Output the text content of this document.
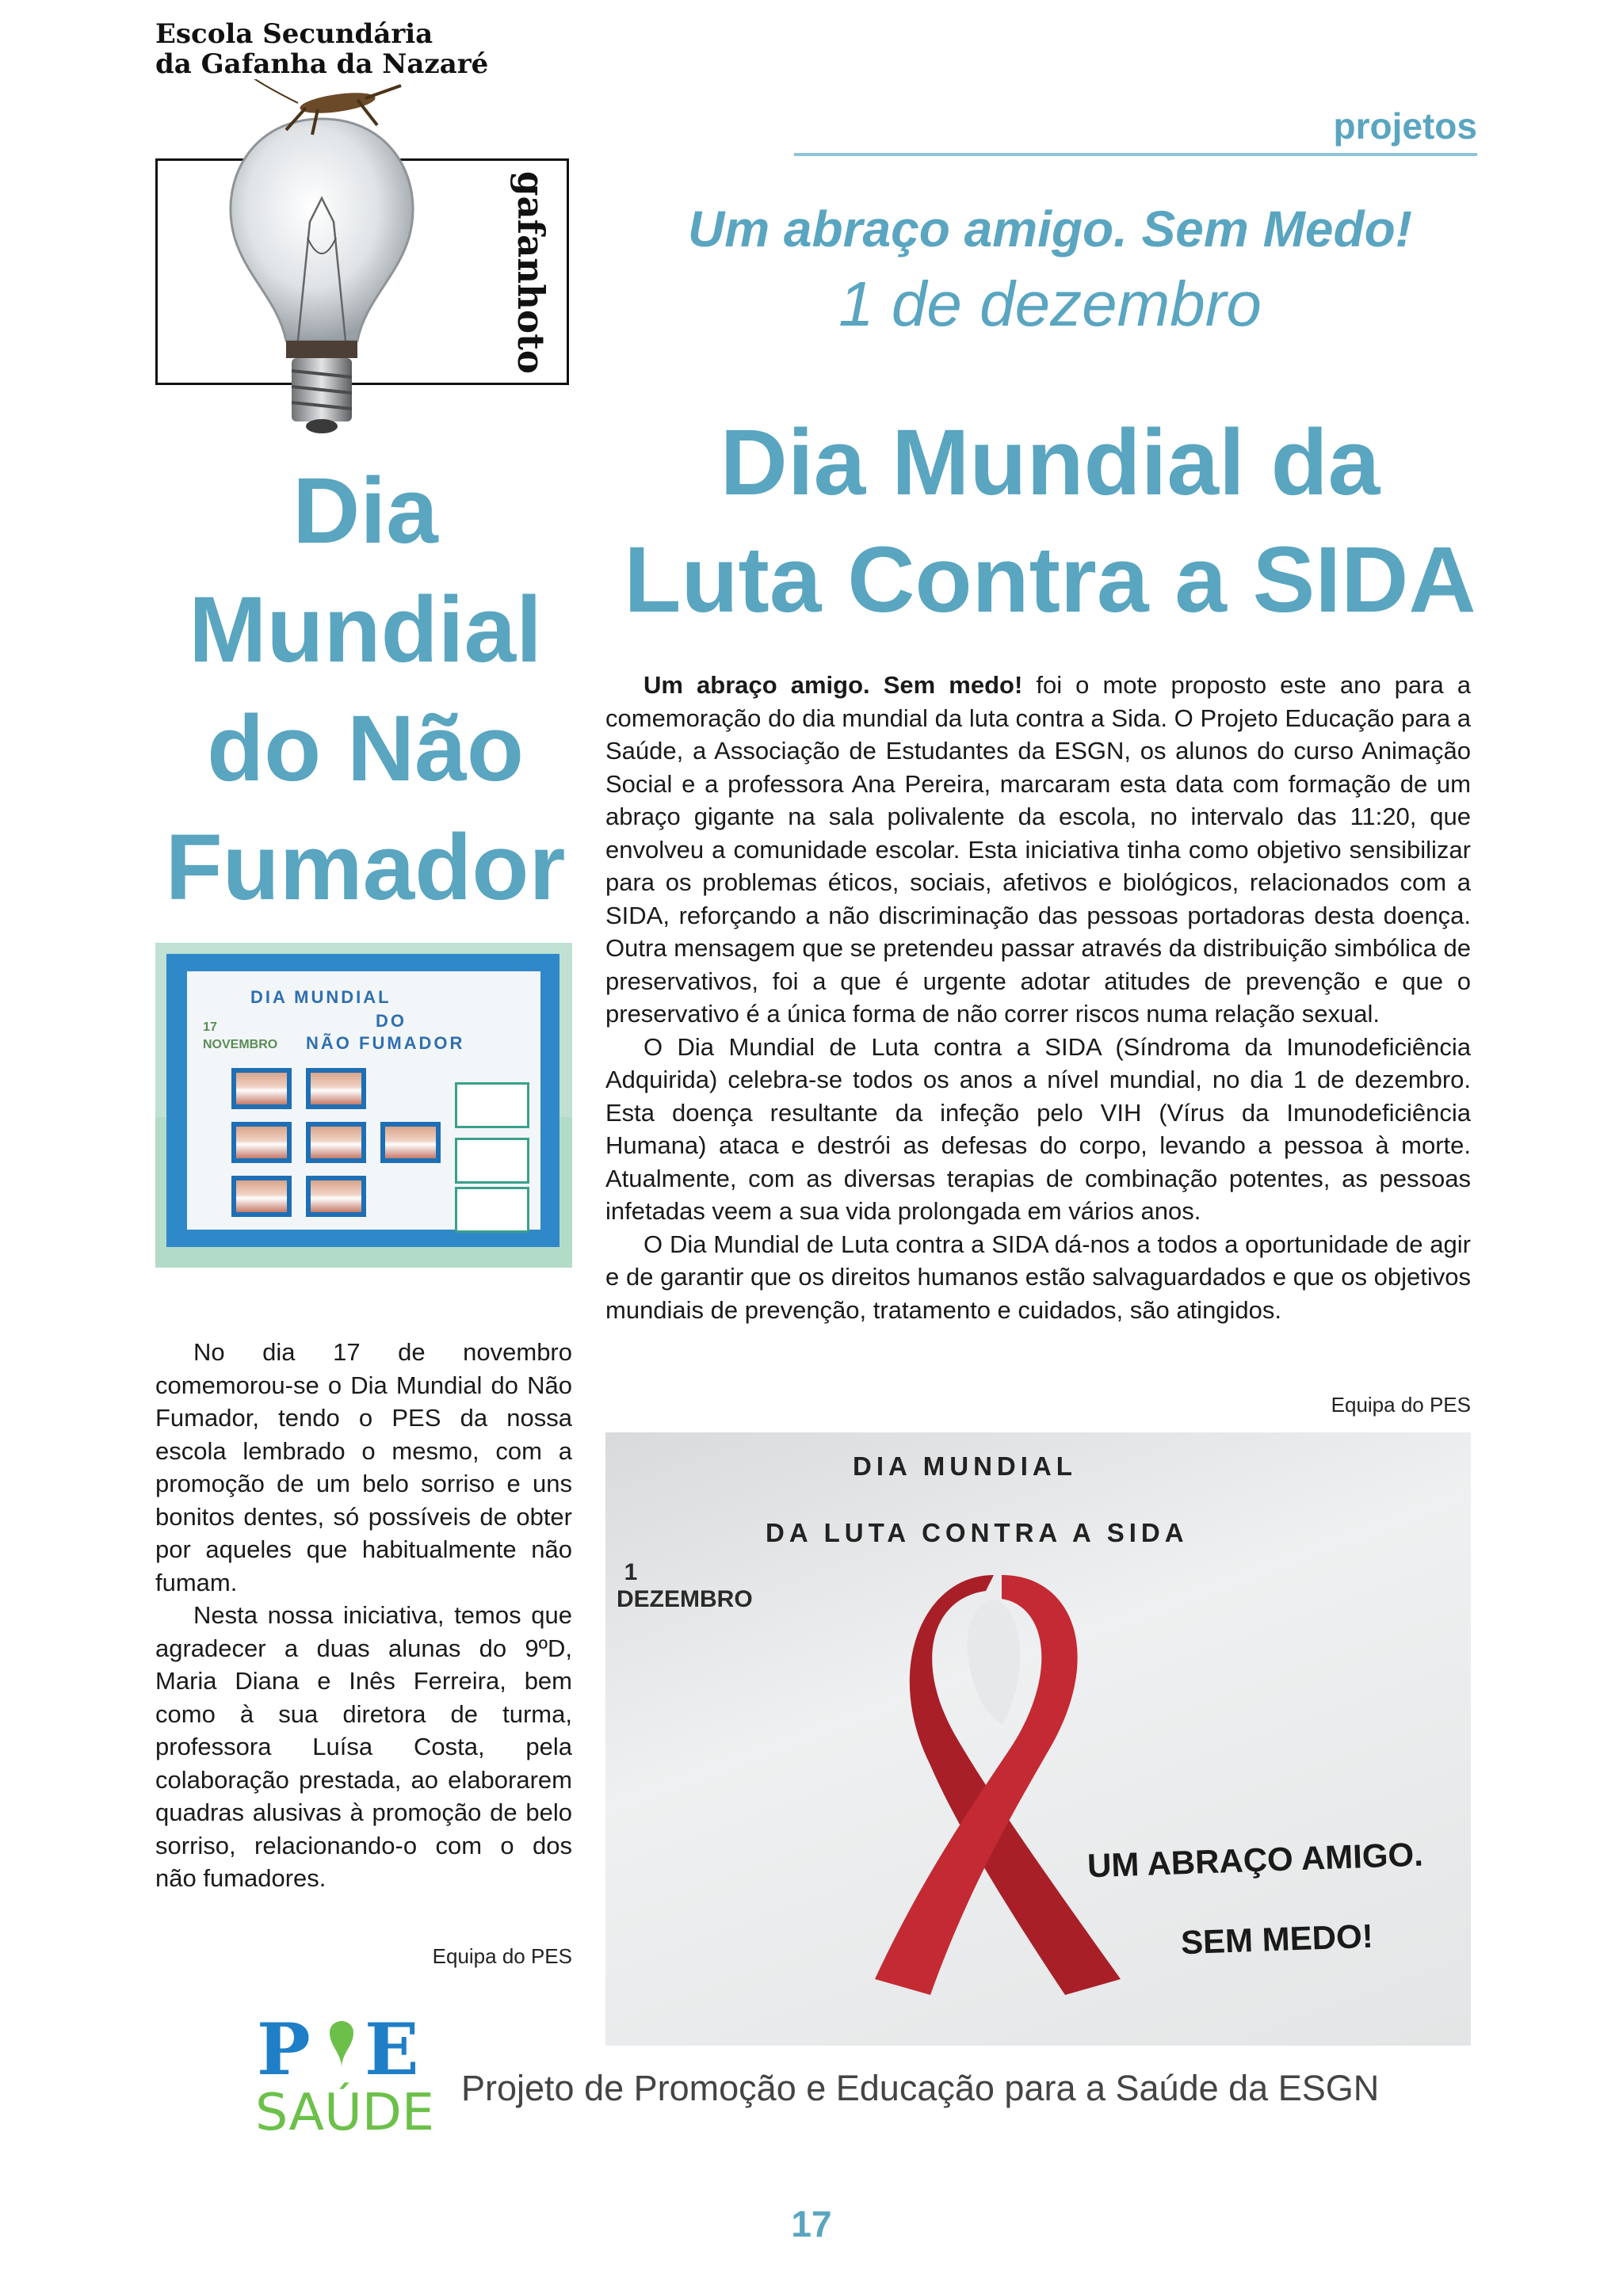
Escola Secundária
da Gafanha da Nazaré
gafanhoto
projetos
Um abraço amigo. Sem Medo!
1 de dezembro
Dia Mundial da
Luta Contra a SIDA
Dia
Mundial
do Não
Fumador
17 NOVEMBRO
DIA MUNDIAL
DO
NÃO FUMADOR

No dia 17 de novembro comemorou-se o Dia Mundial do Não Fumador, tendo o PES da nossa escola lembrado o mesmo, com a promoção de um belo sorriso e uns bonitos dentes, só possíveis de obter por aqueles que habitualmente não fumam.

Nesta nossa iniciativa, temos que agradecer a duas alunas do 9ºD, Maria Diana e Inês Ferreira, bem como à sua diretora de turma, professora Luísa Costa, pela colaboração prestada, ao elaborarem quadras alusivas à promoção de belo sorriso, relacionando-o com o dos não fumadores.

Equipa do PES

Um abraço amigo. Sem medo! foi o mote proposto este ano para a comemoração do dia mundial da luta contra a Sida. O Projeto Educação para a Saúde, a Associação de Estudantes da ESGN, os alunos do curso Animação Social e a professora Ana Pereira, marcaram esta data com formação de um abraço gigante na sala polivalente da escola, no intervalo das 11:20, que envolveu a comunidade escolar. Esta iniciativa tinha como objetivo sensibilizar para os problemas éticos, sociais, afetivos e biológicos, relacionados com a SIDA, reforçando a não discriminação das pessoas portadoras desta doença. Outra mensagem que se pretendeu passar através da distribuição simbólica de preservativos, foi a que é urgente adotar atitudes de prevenção e que o preservativo é a única forma de não correr riscos numa relação sexual.

O Dia Mundial de Luta contra a SIDA (Síndroma da Imunodeficiência Adquirida) celebra-se todos os anos a nível mundial, no dia 1 de dezembro. Esta doença resultante da infeção pelo VIH (Vírus da Imunodeficiência Humana) ataca e destrói as defesas do corpo, levando a pessoa à morte. Atualmente, com as diversas terapias de combinação potentes, as pessoas infetadas veem a sua vida prolongada em vários anos.

O Dia Mundial de Luta contra a SIDA dá-nos a todos a oportunidade de agir e de garantir que os direitos humanos estão salvaguardados e que os objetivos mundiais de prevenção, tratamento e cuidados, são atingidos.

Equipa do PES
DIA MUNDIAL
DA LUTA CONTRA A SIDA
1 DEZEMBRO
UM ABRAÇO AMIGO.
SEM MEDO!
P E
SAÚDE Projeto de Promoção e Educação para a Saúde da ESGN
17
